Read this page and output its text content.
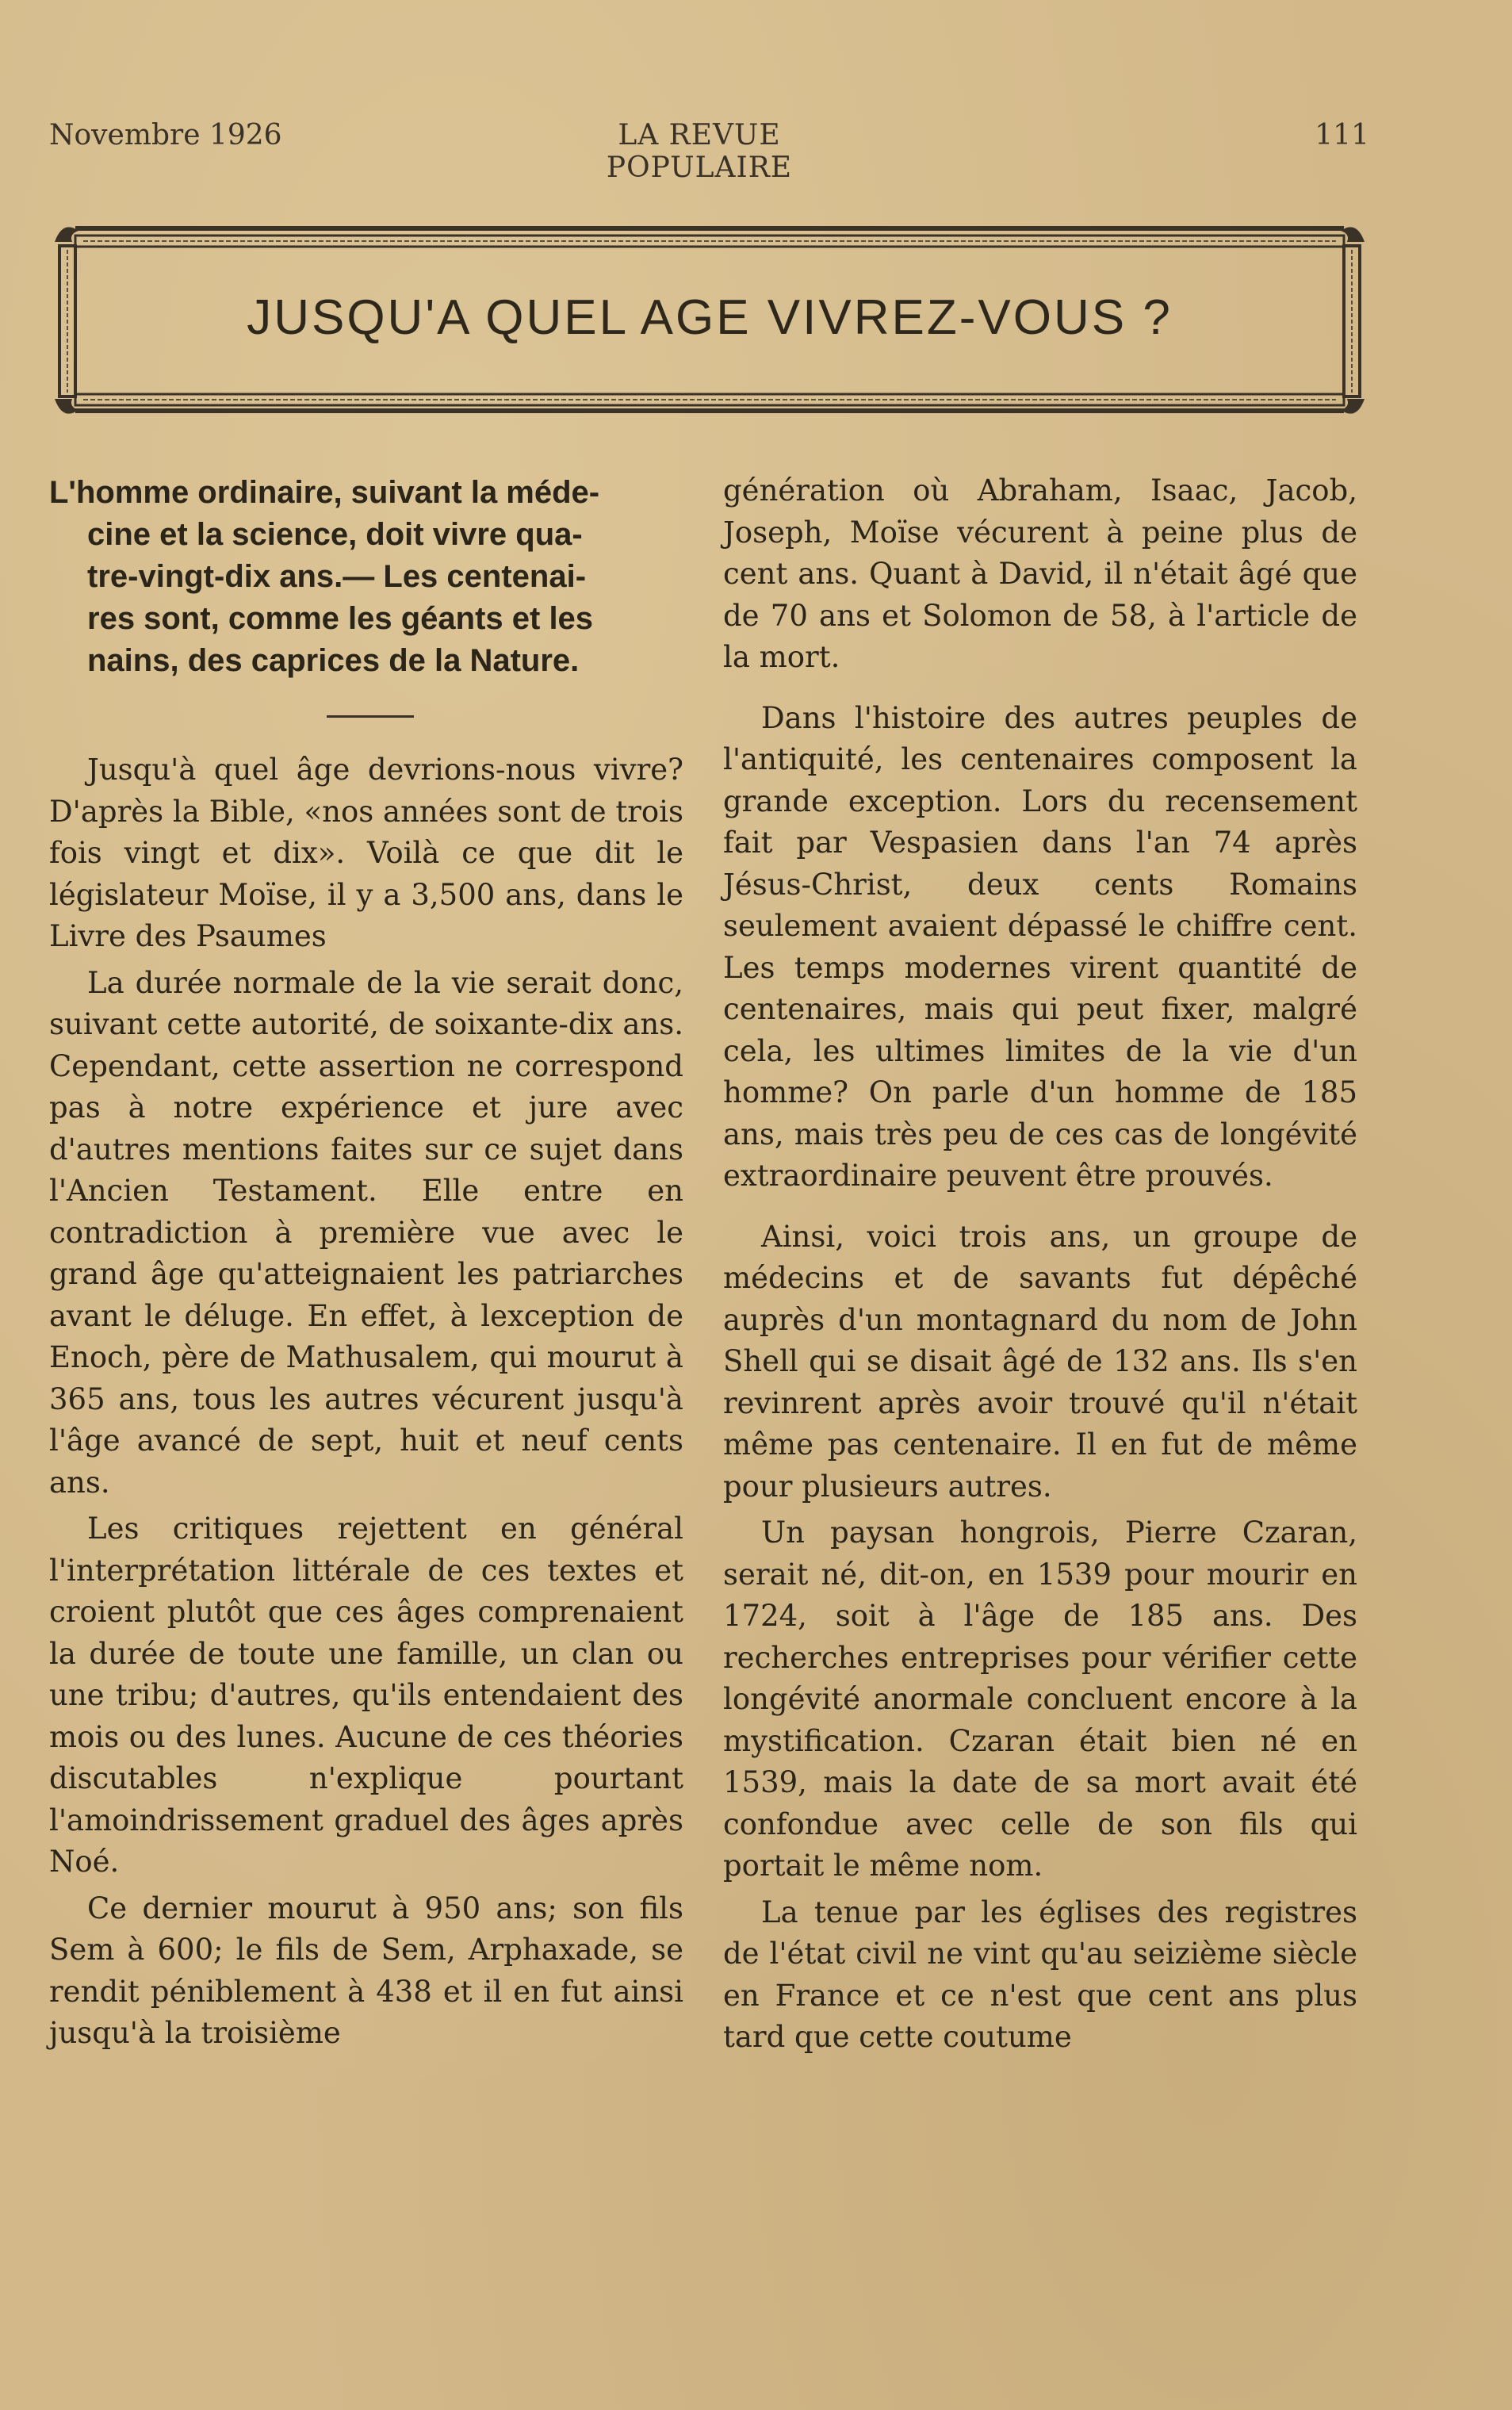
Novembre 1926	LA REVUE POPULAIRE
111
JUSQU'A QUEL AGE VIVREZ-VOUS ?
L'homme ordinaire, suivant la méde-
cine et la science, doit vivre qua-
tre-vingt-dix ans.— Les centenai-
res sont, comme les géants et les
nains, des caprices de la Nature.

Jusqu'à quel âge devrions-nous vivre? D'après la Bible, «nos années sont de trois fois vingt et dix». Voilà ce que dit le législateur Moïse, il y a 3,500 ans, dans le Livre des Psaumes

La durée normale de la vie serait donc, suivant cette autorité, de soixante-dix ans. Cependant, cette assertion ne correspond pas à notre expérience et jure avec d'autres mentions faites sur ce sujet dans l'Ancien Testament. Elle entre en contradiction à première vue avec le grand âge qu'atteignaient les patriarches avant le déluge. En effet, à lexception de Enoch, père de Mathusalem, qui mourut à 365 ans, tous les autres vécurent jusqu'à l'âge avancé de sept, huit et neuf cents ans.

Les critiques rejettent en général l'interprétation littérale de ces textes et croient plutôt que ces âges comprenaient la durée de toute une famille, un clan ou une tribu; d'autres, qu'ils entendaient des mois ou des lunes. Aucune de ces théories discutables n'explique pourtant l'amoindrissement graduel des âges après Noé.

Ce dernier mourut à 950 ans; son fils Sem à 600; le fils de Sem, Arphaxade, se rendit péniblement à 438 et il en fut ainsi jusqu'à la troisième

génération où Abraham, Isaac, Jacob, Joseph, Moïse vécurent à peine plus de cent ans. Quant à David, il n'était âgé que de 70 ans et Solomon de 58, à l'article de la mort.

Dans l'histoire des autres peuples de l'antiquité, les centenaires composent la grande exception. Lors du recensement fait par Vespasien dans l'an 74 après Jésus-Christ, deux cents Romains seulement avaient dépassé le chiffre cent. Les temps modernes virent quantité de centenaires, mais qui peut fixer, malgré cela, les ultimes limites de la vie d'un homme? On parle d'un homme de 185 ans, mais très peu de ces cas de longévité extraordinaire peuvent être prouvés.

Ainsi, voici trois ans, un groupe de médecins et de savants fut dépêché auprès d'un montagnard du nom de John Shell qui se disait âgé de 132 ans. Ils s'en revinrent après avoir trouvé qu'il n'était même pas centenaire. Il en fut de même pour plusieurs autres.

Un paysan hongrois, Pierre Czaran, serait né, dit-on, en 1539 pour mourir en 1724, soit à l'âge de 185 ans. Des recherches entreprises pour vérifier cette longévité anormale concluent encore à la mystification. Czaran était bien né en 1539, mais la date de sa mort avait été confondue avec celle de son fils qui portait le même nom.

La tenue par les églises des registres de l'état civil ne vint qu'au seizième siècle en France et ce n'est que cent ans plus tard que cette coutume
